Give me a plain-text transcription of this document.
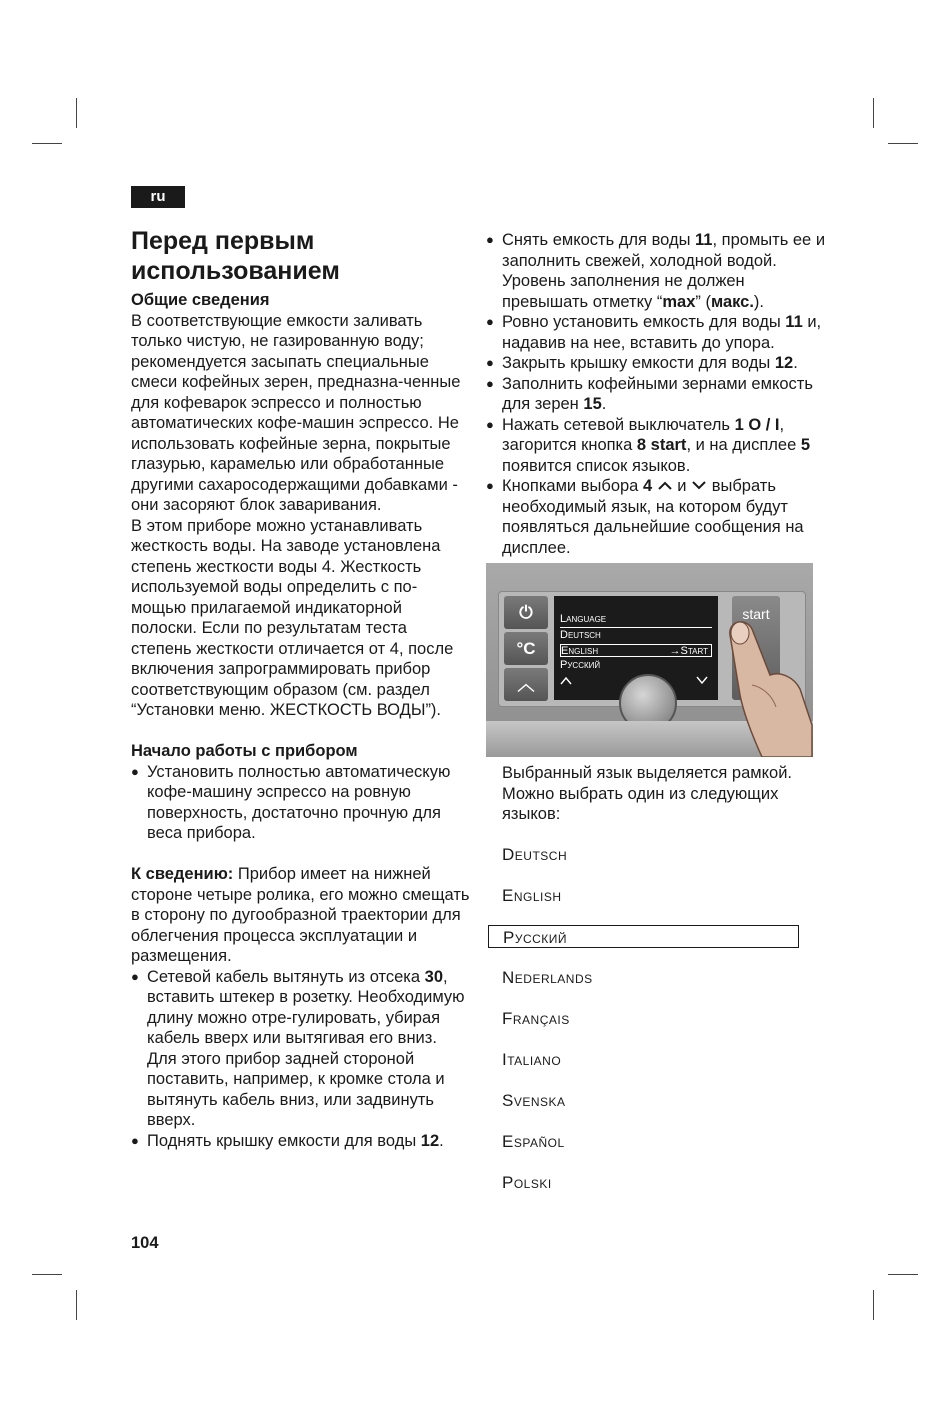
ru
Перед первым использованием

Общие сведения

В соответствующие емкости заливать только чистую, не газированную воду; рекомендуется засыпать специальные смеси кофейных зерен, предназна-ченные для кофеварок эспрессо и полностью автоматических кофе-машин эспрессо. Не использовать кофейные зерна, покрытые глазурью, карамелью или обработанные другими сахаросодержащими добавками - они засоряют блок заваривания.

В этом приборе можно устанавливать жесткость воды. На заводе установлена степень жесткости воды 4. Жесткость используемой воды определить с по-мощью прилагаемой индикаторной полоски. Если по результатам теста степень жесткости отличается от 4, после включения запрограммировать прибор соответствующим образом (см. раздел “Установки меню. ЖЕСТКОСТЬ ВОДЫ”).

Начало работы с прибором

● Установить полностью автоматическую кофе-машину эспрессо на ровную поверхность, достаточно прочную для веса прибора.

К сведению: Прибор имеет на нижней стороне четыре ролика, его можно смещать в сторону по дугообразной траектории для облегчения процесса эксплуатации и размещения.

● Сетевой кабель вытянуть из отсека 30, вставить штекер в розетку. Необходимую длину можно отре-гулировать, убирая кабель вверх или вытягивая его вниз. Для этого прибор задней стороной поставить, например, к кромке стола и вытянуть кабель вниз, или задвинуть вверх.

● Поднять крышку емкости для воды 12.

● Снять емкость для воды 11, промыть ее и заполнить свежей, холодной водой. Уровень заполнения не должен превышать отметку “max” (макс.).

● Ровно установить емкость для воды 11 и, надавив на нее, вставить до упора.

● Закрыть крышку емкости для воды 12.

● Заполнить кофейными зернами емкость для зерен 15.

● Нажать сетевой выключатель 1 O / I, загорится кнопка 8 start, и на дисплее 5 появится список языков.

● Кнопками выбора 4  и  выбрать необходимый язык, на котором будут появляться дальнейшие сообщения на дисплее.

⏻
°C
︿
Language
Deutsch
English	→Start
Русский
start

Выбранный язык выделяется рамкой. Можно выбрать один из следующих языков:

Deutsch
English
Русский
Nederlands
Français
Italiano
Svenska
Español
Polski
104
